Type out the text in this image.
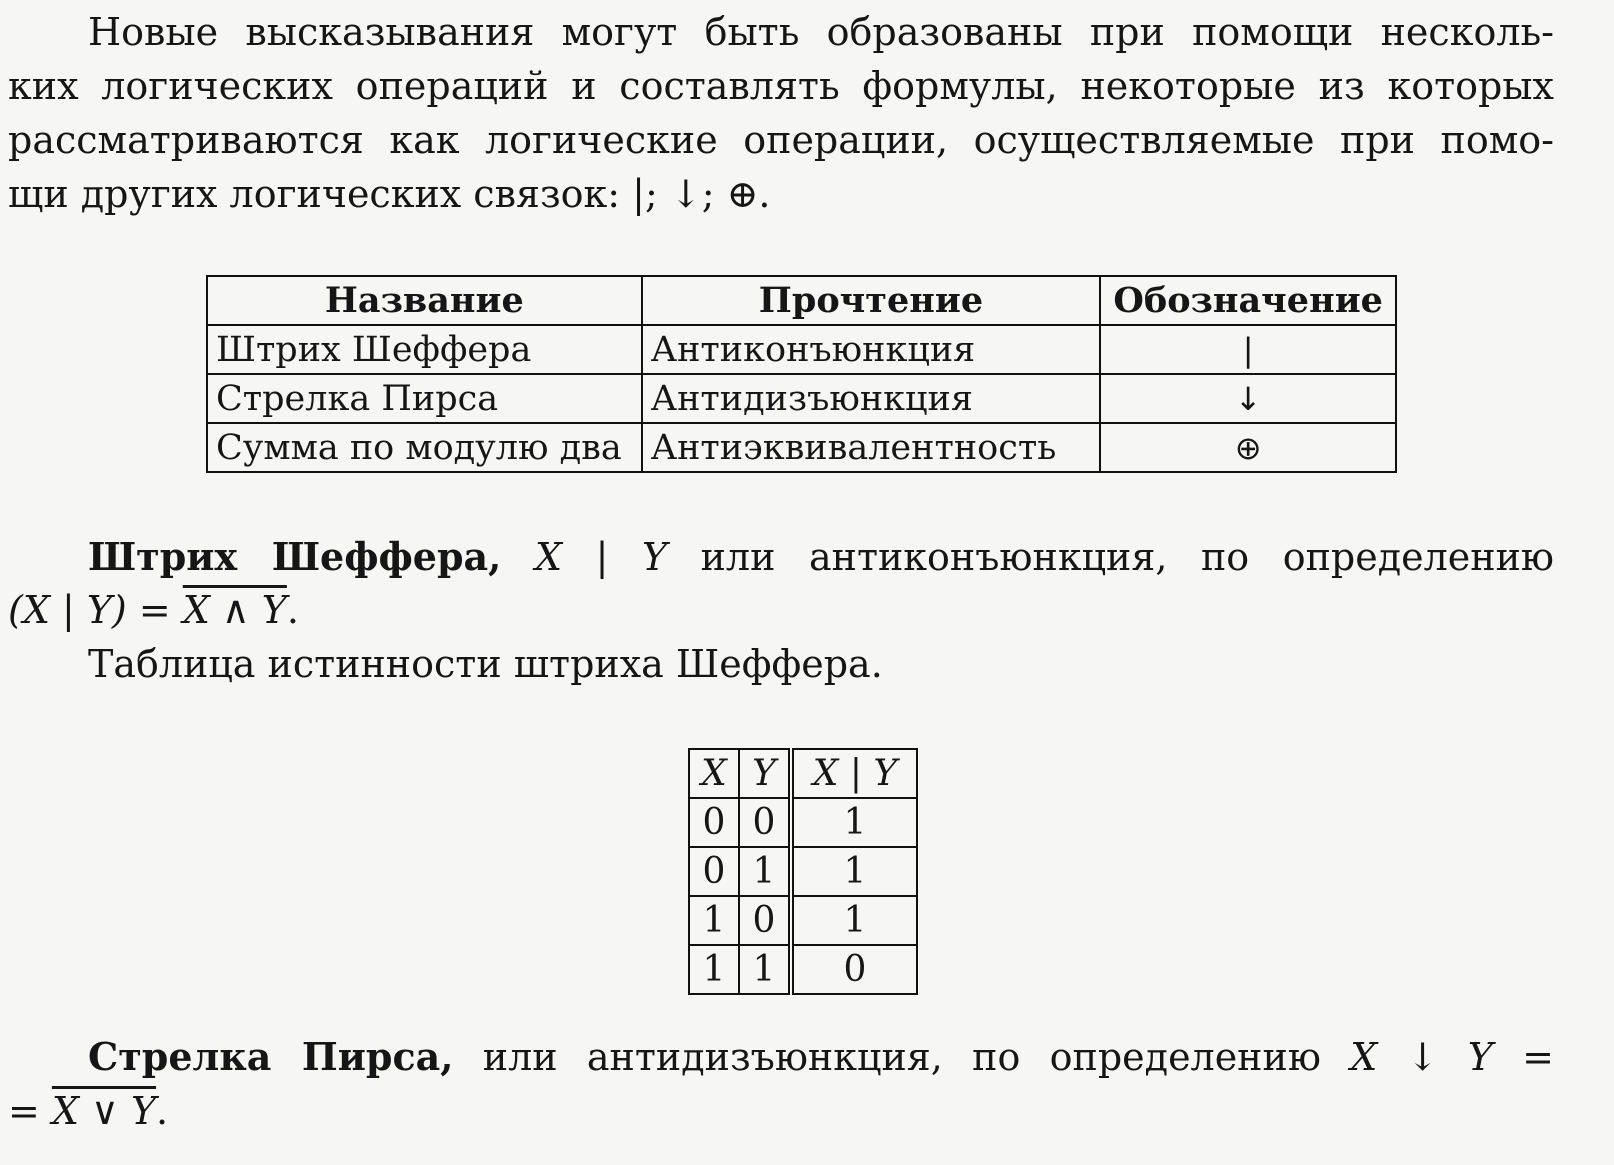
Новые высказывания могут быть образованы при помощи несколь-
ких логических операций и составлять формулы, некоторые из которых
рассматриваются как логические операции, осуществляемые при помо-
щи других логических связок: |; ↓; ⊕.
Название	Прочтение	Обозначение
Штрих Шеффера	Антиконъюнкция	|
Стрелка Пирса	Антидизъюнкция	↓
Сумма по модулю два	Антиэквивалентность	⊕
Штрих Шеффера, X | Y или антиконъюнкция, по определению
(X | Y) = X ∧ Y.
Таблица истинности штриха Шеффера.
X	Y	X | Y
0	0	1
0	1	1
1	0	1
1	1	0
Стрелка Пирса, или антидизъюнкция, по определению X ↓ Y =
= X ∨ Y.
